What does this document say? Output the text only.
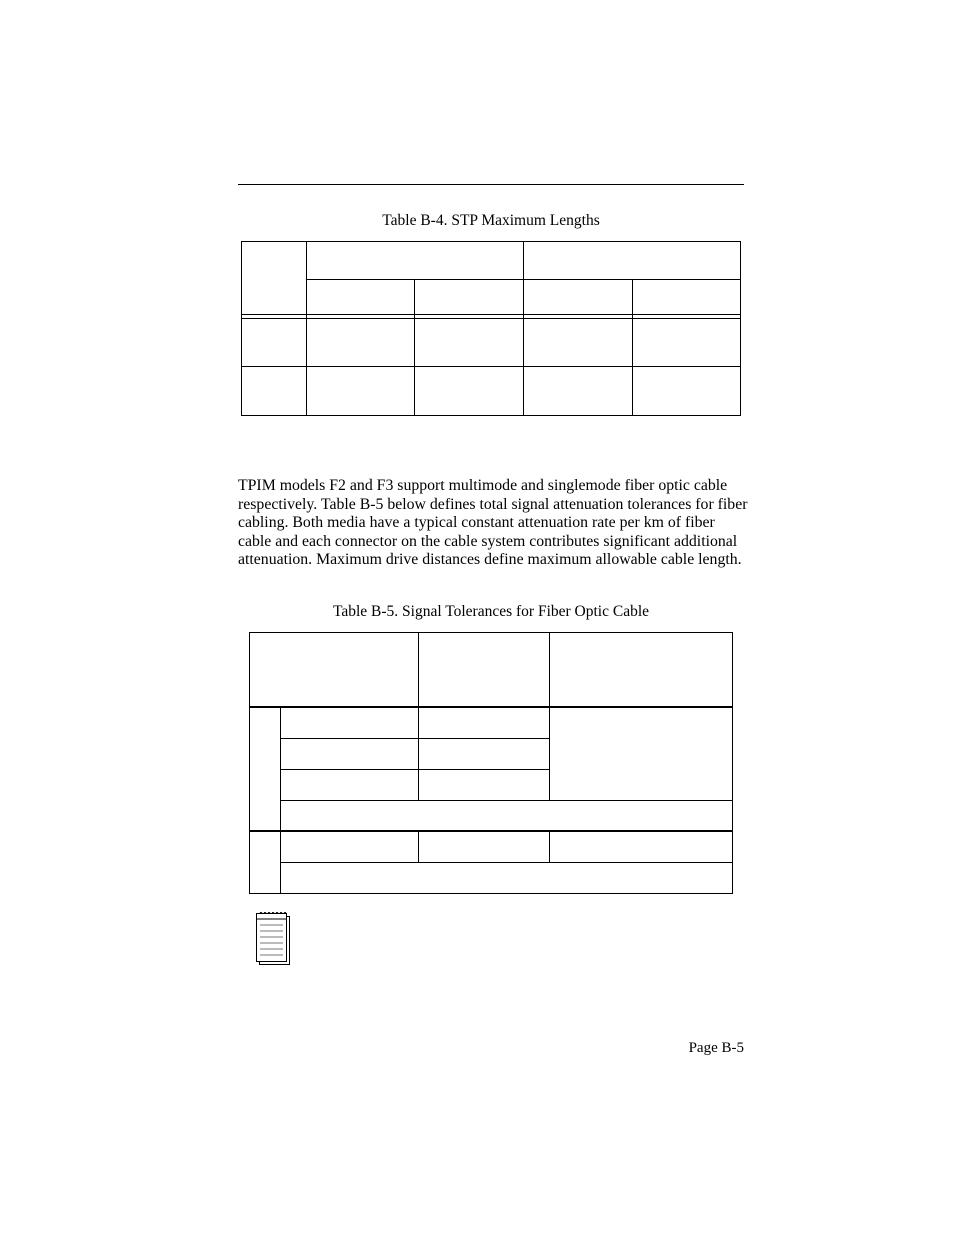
Table B-4. STP Maximum Lengths

TPIM models F2 and F3 support multimode and singlemode fiber optic cable respectively. Table B-5 below defines total signal attenuation tolerances for fiber cabling. Both media have a typical constant attenuation rate per km of fiber cable and each connector on the cable system contributes significant additional attenuation. Maximum drive distances define maximum allowable cable length.

Table B-5. Signal Tolerances for Fiber Optic Cable
Page B-5
